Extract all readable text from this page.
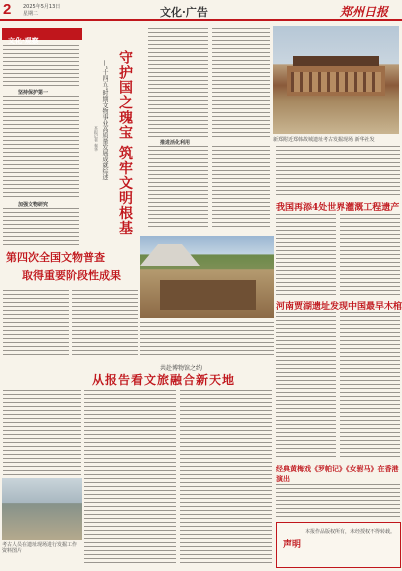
2 2025年5月13日
星期二	文化·广告	郑州日报
文化·观察
坚持保护第一
加强文物研究	守护国之瑰宝 筑牢文明根基
—“十四五”时期文物事业高质量发展成就综述
本报记者 秦华	推进活化利用	新郑附近郑韩故城遗址考古发掘现场 新华社发
我国再添4处世界灌溉工程遗产
第四次全国文物普查
取得重要阶段性成果
河南贾湖遗址发现中国最早木棺
考古人员在遗址现场进行发掘工作 资料图片
共赴博物馆之约
从报告看文旅融合新天地
经典黄梅戏《罗帕记》《女驸马》在香港演出
声明
本报作品版权所有，未经授权不得转载。
